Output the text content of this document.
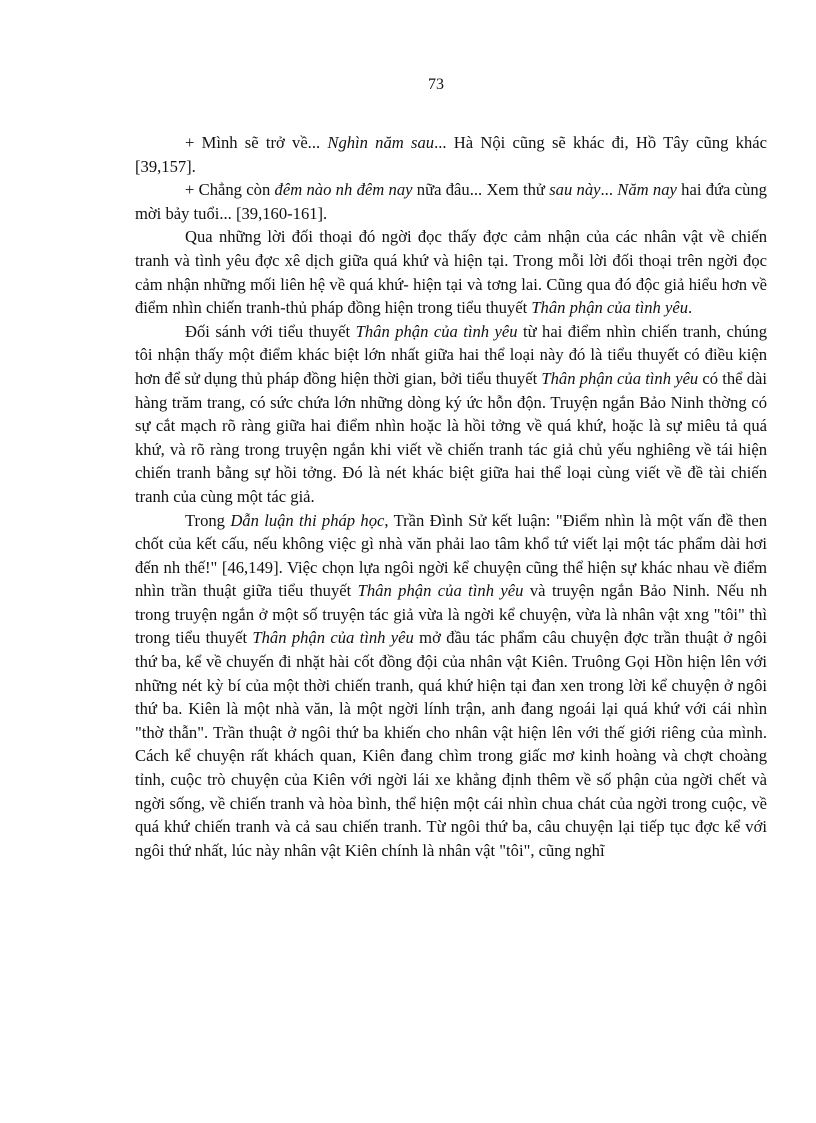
73

+ Mình sẽ trở về... Nghìn năm sau... Hà Nội cũng sẽ khác đi, Hồ Tây cũng khác [39,157].

+ Chẳng còn đêm nào nh đêm nay nữa đâu... Xem thử sau này... Năm nay hai đứa cùng mời bảy tuổi... [39,160-161].

Qua những lời đối thoại đó ngời đọc thấy đợc cảm nhận của các nhân vật về chiến tranh và tình yêu đợc xê dịch giữa quá khứ và hiện tại. Trong mỗi lời đối thoại trên ngời đọc cảm nhận những mối liên hệ về quá khứ- hiện tại và tơng lai. Cũng qua đó độc giả hiểu hơn về điểm nhìn chiến tranh-thủ pháp đồng hiện trong tiểu thuyết Thân phận của tình yêu.

Đối sánh với tiểu thuyết Thân phận của tình yêu từ hai điểm nhìn chiến tranh, chúng tôi nhận thấy một điểm khác biệt lớn nhất giữa hai thể loại này đó là tiểu thuyết có điều kiện hơn để sử dụng thủ pháp đồng hiện thời gian, bởi tiểu thuyết Thân phận của tình yêu có thể dài hàng trăm trang, có sức chứa lớn những dòng ký ức hỗn độn. Truyện ngắn Bảo Ninh thờng có sự cắt mạch rõ ràng giữa hai điểm nhìn hoặc là hồi tởng về quá khứ, hoặc là sự miêu tả quá khứ, và rõ ràng trong truyện ngắn khi viết về chiến tranh tác giả chủ yếu nghiêng về tái hiện chiến tranh bằng sự hồi tởng. Đó là nét khác biệt giữa hai thể loại cùng viết về đề tài chiến tranh của cùng một tác giả.

Trong Dẫn luận thi pháp học, Trần Đình Sử kết luận: "Điểm nhìn là một vấn đề then chốt của kết cấu, nếu không việc gì nhà văn phải lao tâm khổ tứ viết lại một tác phẩm dài hơi đến nh thế!" [46,149]. Việc chọn lựa ngôi ngời kể chuyện cũng thể hiện sự khác nhau về điểm nhìn trần thuật giữa tiểu thuyết Thân phận của tình yêu và truyện ngắn Bảo Ninh. Nếu nh trong truyện ngắn ở một số truyện tác giả vừa là ngời kể chuyện, vừa là nhân vật xng "tôi" thì trong tiểu thuyết Thân phận của tình yêu mở đầu tác phẩm câu chuyện đợc trần thuật ở ngôi thứ ba, kể về chuyến đi nhặt hài cốt đồng đội của nhân vật Kiên. Truông Gọi Hồn hiện lên với những nét kỳ bí của một thời chiến tranh, quá khứ hiện tại đan xen trong lời kể chuyện ở ngôi thứ ba. Kiên là một nhà văn, là một ngời lính trận, anh đang ngoái lại quá khứ với cái nhìn "thờ thẫn". Trần thuật ở ngôi thứ ba khiến cho nhân vật hiện lên với thế giới riêng của mình. Cách kể chuyện rất khách quan, Kiên đang chìm trong giấc mơ kinh hoàng và chợt choàng tỉnh, cuộc trò chuyện của Kiên với ngời lái xe khẳng định thêm về số phận của ngời chết và ngời sống, về chiến tranh và hòa bình, thể hiện một cái nhìn chua chát của ngời trong cuộc, về quá khứ chiến tranh và cả sau chiến tranh. Từ ngôi thứ ba, câu chuyện lại tiếp tục đợc kể với ngôi thứ nhất, lúc này nhân vật Kiên chính là nhân vật "tôi", cũng nghĩ
